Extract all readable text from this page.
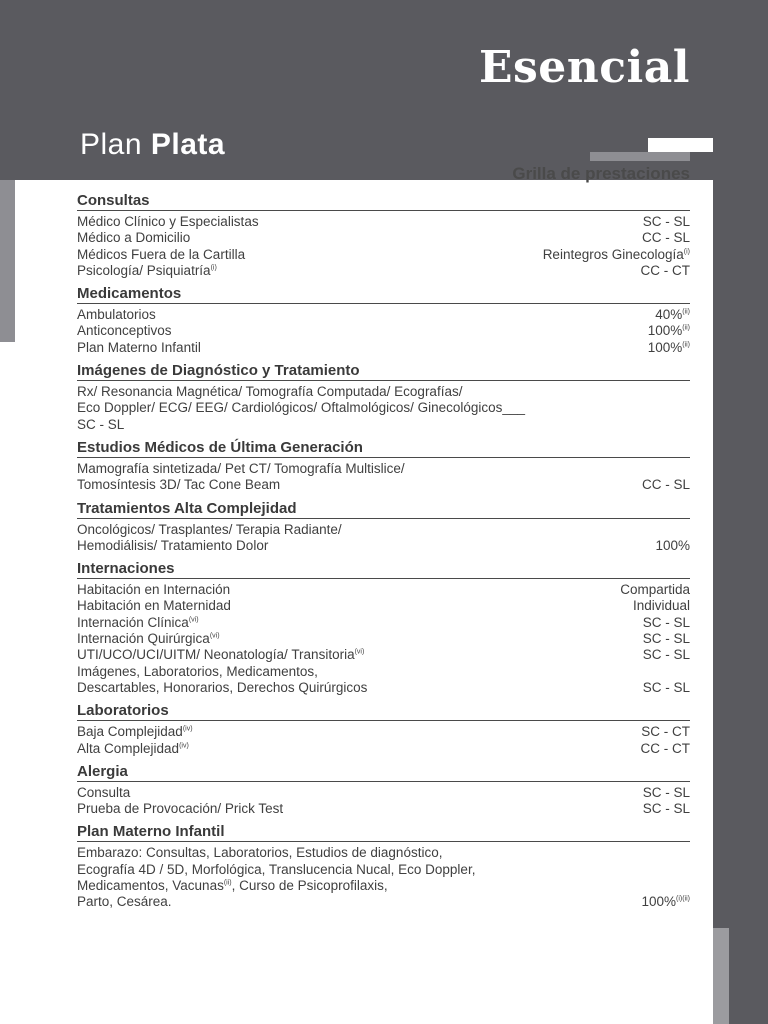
Esencial
Plan Plata
Grilla de prestaciones
Consultas
Médico Clínico y Especialistas	SC - SL
Médico a Domicilio	CC - SL
Médicos Fuera de la Cartilla	Reintegros Ginecología$^{(i)}$
Psicología/ Psiquiatría$^{(i)}$	CC - CT
Medicamentos
Ambulatorios	40%$^{(ii)}$
Anticonceptivos	100%$^{(ii)}$
Plan Materno Infantil	100%$^{(ii)}$
Imágenes de Diagnóstico y Tratamiento
Rx/ Resonancia Magnética/ Tomografía Computada/ Ecografías/
Eco Doppler/ ECG/ EEG/ Cardiológicos/ Oftalmológicos/ Ginecológicos___
SC - SL
Estudios Médicos de Última Generación
Mamografía sintetizada/ Pet CT/ Tomografía Multislice/
Tomosíntesis 3D/ Tac Cone Beam	CC - SL
Tratamientos Alta Complejidad
Oncológicos/ Trasplantes/ Terapia Radiante/
Hemodiálisis/ Tratamiento Dolor	100%
Internaciones
Habitación en Internación	Compartida
Habitación en Maternidad	Individual
Internación Clínica$^{(vi)}$	SC - SL
Internación Quirúrgica$^{(vi)}$	SC - SL
UTI/UCO/UCI/UITM/ Neonatología/ Transitoria$^{(vi)}$	SC - SL
Imágenes, Laboratorios, Medicamentos,
Descartables, Honorarios, Derechos Quirúrgicos	SC - SL
Laboratorios
Baja Complejidad$^{(iv)}$	SC - CT
Alta Complejidad$^{(iv)}$	CC - CT
Alergia
Consulta	SC - SL
Prueba de Provocación/ Prick Test	SC - SL
Plan Materno Infantil
Embarazo: Consultas, Laboratorios, Estudios de diagnóstico,
Ecografía 4D / 5D, Morfológica, Translucencia Nucal, Eco Doppler,
Medicamentos, Vacunas$^{(ii)}$, Curso de Psicoprofilaxis,
Parto, Cesárea.	100%$^{(i)(ii)}$
